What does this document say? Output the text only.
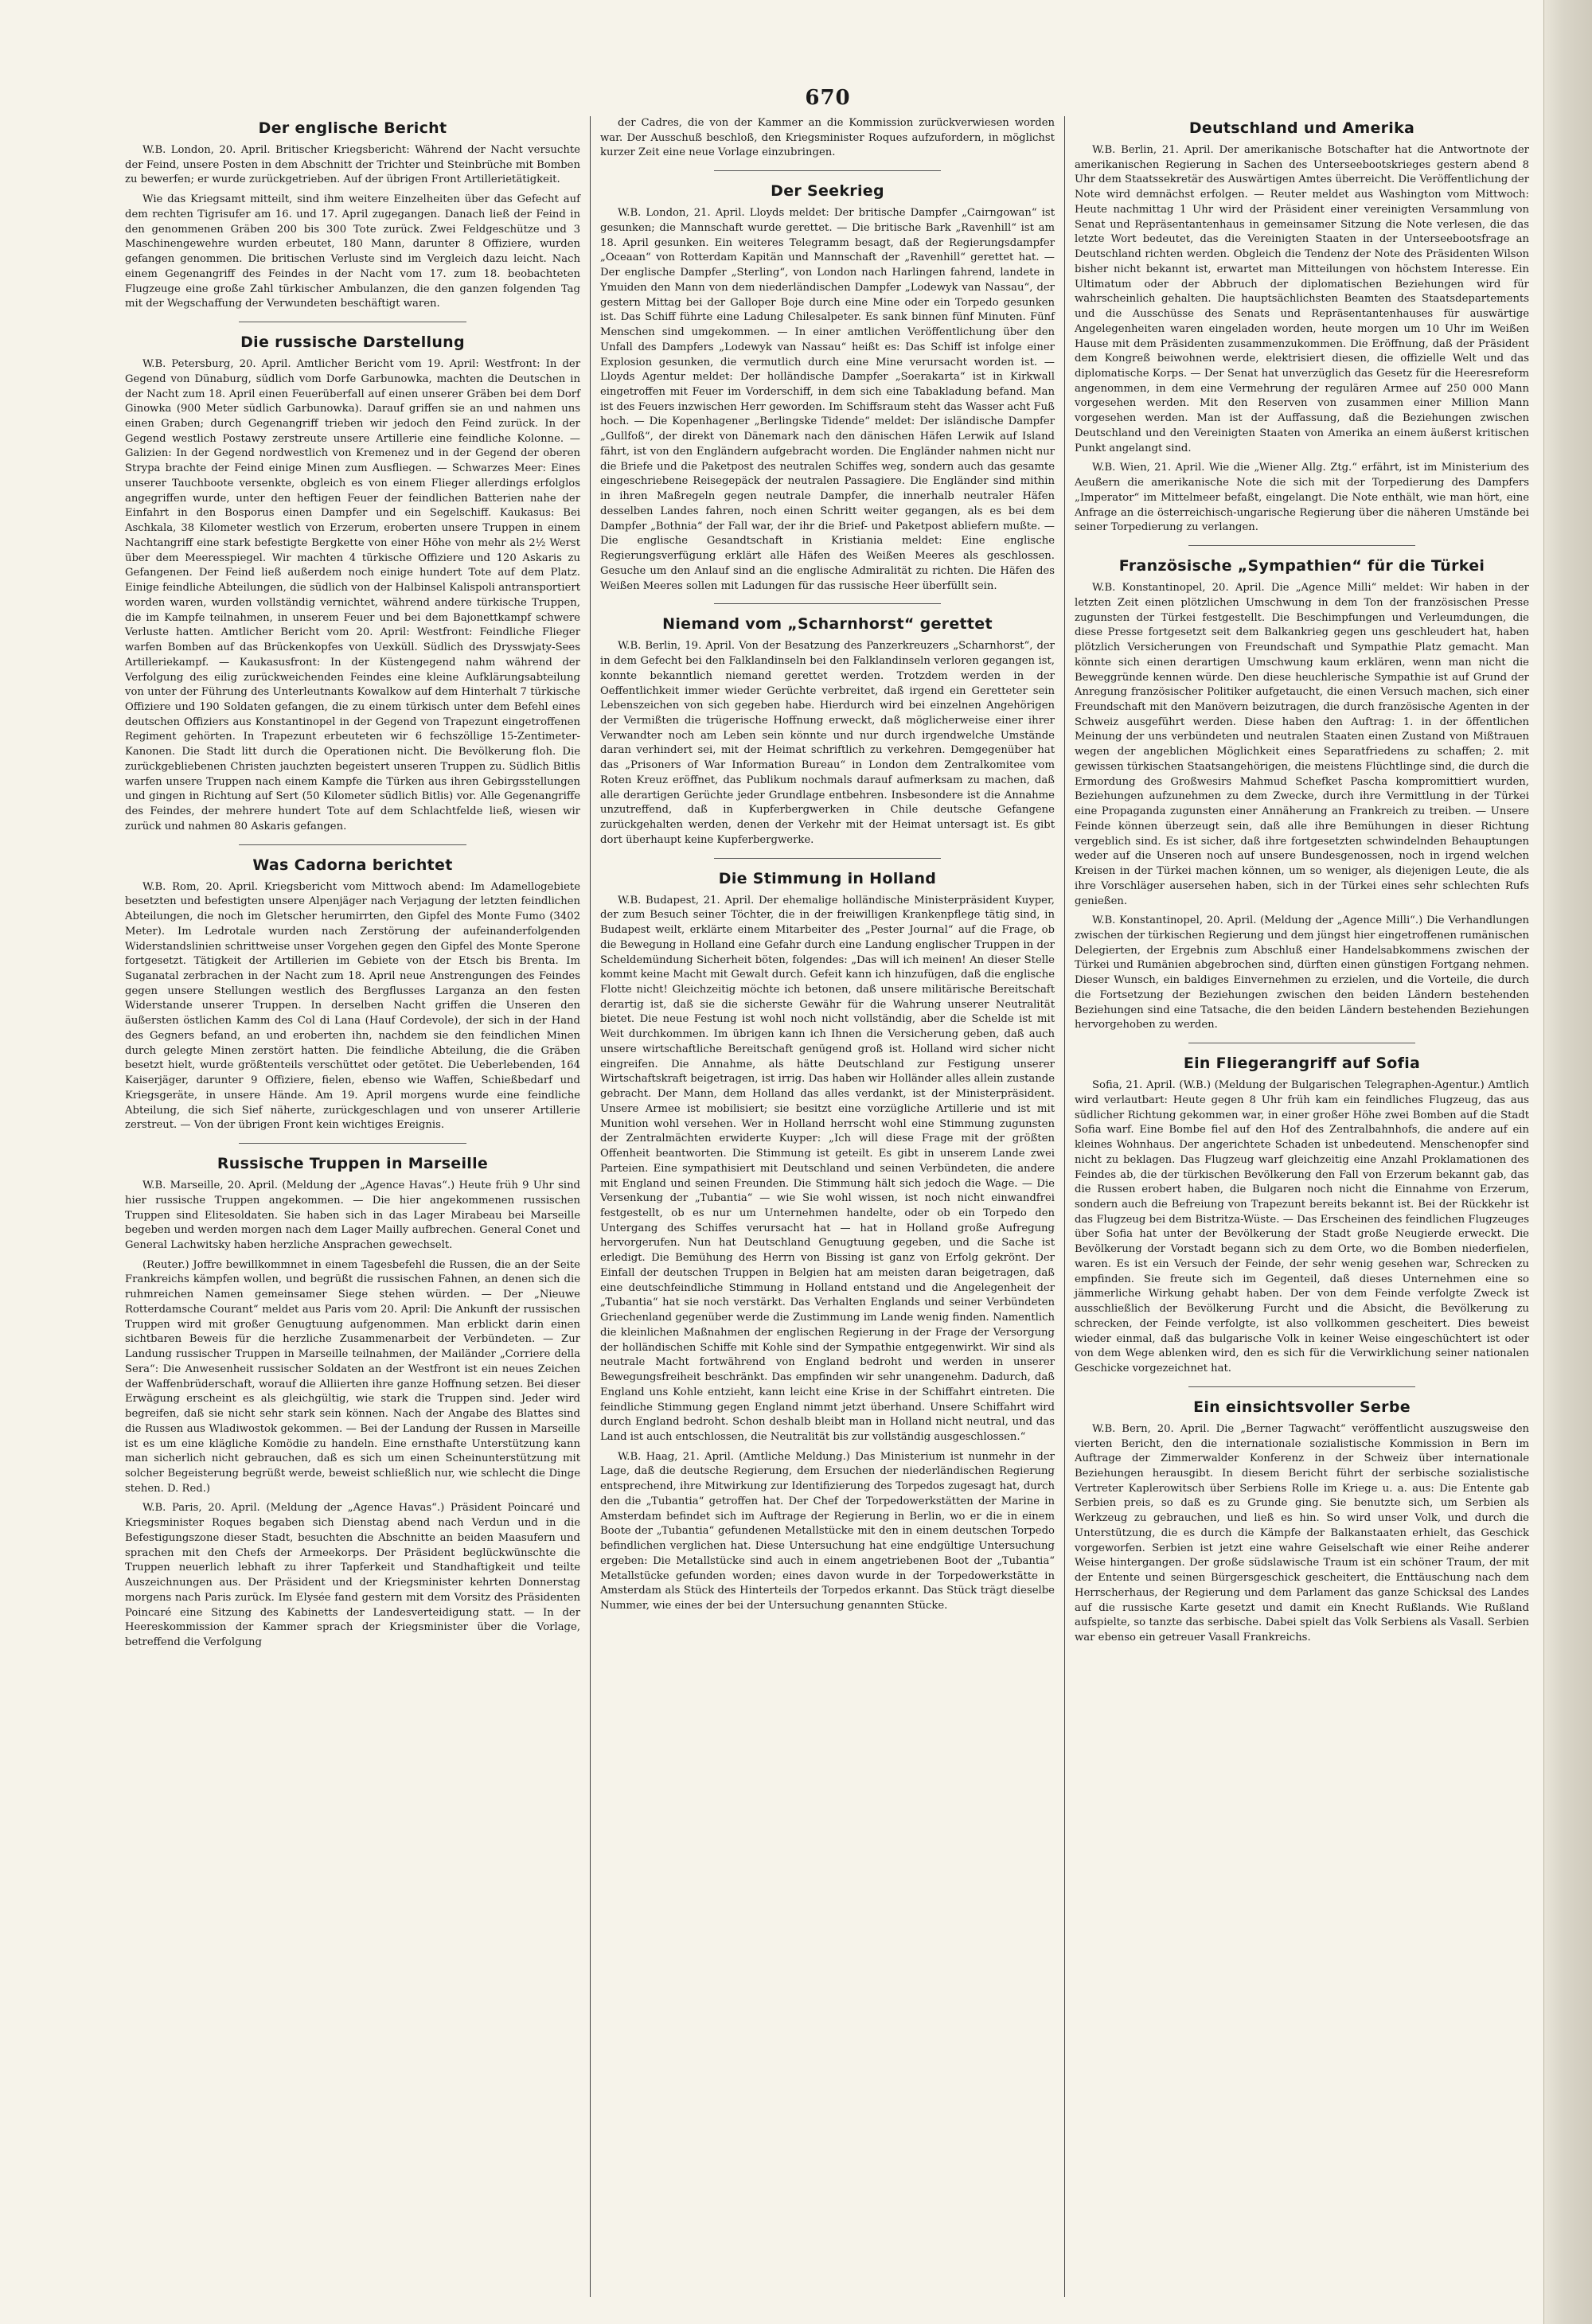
670
Der englische Bericht

W.B. London, 20. April. Britischer Kriegsbericht: Während der Nacht versuchte der Feind, unsere Posten in dem Abschnitt der Trichter und Steinbrüche mit Bomben zu bewerfen; er wurde zurückgetrieben. Auf der übrigen Front Artillerietätigkeit.

Wie das Kriegsamt mitteilt, sind ihm weitere Einzelheiten über das Gefecht auf dem rechten Tigrisufer am 16. und 17. April zugegangen. Danach ließ der Feind in den genommenen Gräben 200 bis 300 Tote zurück. Zwei Feldgeschütze und 3 Maschinengewehre wurden erbeutet, 180 Mann, darunter 8 Offiziere, wurden gefangen genommen. Die britischen Verluste sind im Vergleich dazu leicht. Nach einem Gegenangriff des Feindes in der Nacht vom 17. zum 18. beobachteten Flugzeuge eine große Zahl türkischer Ambulanzen, die den ganzen folgenden Tag mit der Wegschaffung der Verwundeten beschäftigt waren.

Die russische Darstellung

W.B. Petersburg, 20. April. Amtlicher Bericht vom 19. April: Westfront: In der Gegend von Dünaburg, südlich vom Dorfe Garbunowka, machten die Deutschen in der Nacht zum 18. April einen Feuerüberfall auf einen unserer Gräben bei dem Dorf Ginowka (900 Meter südlich Garbunowka). Darauf griffen sie an und nahmen uns einen Graben; durch Gegenangriff trieben wir jedoch den Feind zurück. In der Gegend westlich Postawy zerstreute unsere Artillerie eine feindliche Kolonne. — Galizien: In der Gegend nordwestlich von Kremenez und in der Gegend der oberen Strypa brachte der Feind einige Minen zum Ausfliegen. — Schwarzes Meer: Eines unserer Tauchboote versenkte, obgleich es von einem Flieger allerdings erfolglos angegriffen wurde, unter den heftigen Feuer der feindlichen Batterien nahe der Einfahrt in den Bosporus einen Dampfer und ein Segelschiff. Kaukasus: Bei Aschkala, 38 Kilometer westlich von Erzerum, eroberten unsere Truppen in einem Nachtangriff eine stark befestigte Bergkette von einer Höhe von mehr als 2½ Werst über dem Meeresspiegel. Wir machten 4 türkische Offiziere und 120 Askaris zu Gefangenen. Der Feind ließ außerdem noch einige hundert Tote auf dem Platz. Einige feindliche Abteilungen, die südlich von der Halbinsel Kalispoli antransportiert worden waren, wurden vollständig vernichtet, während andere türkische Truppen, die im Kampfe teilnahmen, in unserem Feuer und bei dem Bajonettkampf schwere Verluste hatten. Amtlicher Bericht vom 20. April: Westfront: Feindliche Flieger warfen Bomben auf das Brückenkopfes von Uexküll. Südlich des Drysswjaty-Sees Artilleriekampf. — Kaukasusfront: In der Küstengegend nahm während der Verfolgung des eilig zurückweichenden Feindes eine kleine Aufklärungsabteilung von unter der Führung des Unterleutnants Kowalkow auf dem Hinterhalt 7 türkische Offiziere und 190 Soldaten gefangen, die zu einem türkisch unter dem Befehl eines deutschen Offiziers aus Konstantinopel in der Gegend von Trapezunt eingetroffenen Regiment gehörten. In Trapezunt erbeuteten wir 6 fechszöllige 15-Zentimeter-Kanonen. Die Stadt litt durch die Operationen nicht. Die Bevölkerung floh. Die zurückgebliebenen Christen jauchzten begeistert unseren Truppen zu. Südlich Bitlis warfen unsere Truppen nach einem Kampfe die Türken aus ihren Gebirgsstellungen und gingen in Richtung auf Sert (50 Kilometer südlich Bitlis) vor. Alle Gegenangriffe des Feindes, der mehrere hundert Tote auf dem Schlachtfelde ließ, wiesen wir zurück und nahmen 80 Askaris gefangen.

Was Cadorna berichtet

W.B. Rom, 20. April. Kriegsbericht vom Mittwoch abend: Im Adamellogebiete besetzten und befestigten unsere Alpenjäger nach Verjagung der letzten feindlichen Abteilungen, die noch im Gletscher herumirrten, den Gipfel des Monte Fumo (3402 Meter). Im Ledrotale wurden nach Zerstörung der aufeinanderfolgenden Widerstandslinien schrittweise unser Vorgehen gegen den Gipfel des Monte Sperone fortgesetzt. Tätigkeit der Artillerien im Gebiete von der Etsch bis Brenta. Im Suganatal zerbrachen in der Nacht zum 18. April neue Anstrengungen des Feindes gegen unsere Stellungen westlich des Bergflusses Larganza an den festen Widerstande unserer Truppen. In derselben Nacht griffen die Unseren den äußersten östlichen Kamm des Col di Lana (Hauf Cordevole), der sich in der Hand des Gegners befand, an und eroberten ihn, nachdem sie den feindlichen Minen durch gelegte Minen zerstört hatten. Die feindliche Abteilung, die die Gräben besetzt hielt, wurde größtenteils verschüttet oder getötet. Die Ueberlebenden, 164 Kaiserjäger, darunter 9 Offiziere, fielen, ebenso wie Waffen, Schießbedarf und Kriegsgeräte, in unsere Hände. Am 19. April morgens wurde eine feindliche Abteilung, die sich Sief näherte, zurückgeschlagen und von unserer Artillerie zerstreut. — Von der übrigen Front kein wichtiges Ereignis.

Russische Truppen in Marseille

W.B. Marseille, 20. April. (Meldung der „Agence Havas“.) Heute früh 9 Uhr sind hier russische Truppen angekommen. — Die hier angekommenen russischen Truppen sind Elitesoldaten. Sie haben sich in das Lager Mirabeau bei Marseille begeben und werden morgen nach dem Lager Mailly aufbrechen. General Conet und General Lachwitsky haben herzliche Ansprachen gewechselt.

(Reuter.) Joffre bewillkommnet in einem Tagesbefehl die Russen, die an der Seite Frankreichs kämpfen wollen, und begrüßt die russischen Fahnen, an denen sich die ruhmreichen Namen gemeinsamer Siege stehen würden. — Der „Nieuwe Rotterdamsche Courant“ meldet aus Paris vom 20. April: Die Ankunft der russischen Truppen wird mit großer Genugtuung aufgenommen. Man erblickt darin einen sichtbaren Beweis für die herzliche Zusammenarbeit der Verbündeten. — Zur Landung russischer Truppen in Marseille teilnahmen, der Mailänder „Corriere della Sera“: Die Anwesenheit russischer Soldaten an der Westfront ist ein neues Zeichen der Waffenbrüderschaft, worauf die Alliierten ihre ganze Hoffnung setzen. Bei dieser Erwägung erscheint es als gleichgültig, wie stark die Truppen sind. Jeder wird begreifen, daß sie nicht sehr stark sein können. Nach der Angabe des Blattes sind die Russen aus Wladiwostok gekommen. — Bei der Landung der Russen in Marseille ist es um eine klägliche Komödie zu handeln. Eine ernsthafte Unterstützung kann man sicherlich nicht gebrauchen, daß es sich um einen Scheinunterstützung mit solcher Begeisterung begrüßt werde, beweist schließlich nur, wie schlecht die Dinge stehen. D. Red.)

W.B. Paris, 20. April. (Meldung der „Agence Havas“.) Präsident Poincaré und Kriegsminister Roques begaben sich Dienstag abend nach Verdun und in die Befestigungszone dieser Stadt, besuchten die Abschnitte an beiden Maasufern und sprachen mit den Chefs der Armeekorps. Der Präsident beglückwünschte die Truppen neuerlich lebhaft zu ihrer Tapferkeit und Standhaftigkeit und teilte Auszeichnungen aus. Der Präsident und der Kriegsminister kehrten Donnerstag morgens nach Paris zurück. Im Elysée fand gestern mit dem Vorsitz des Präsidenten Poincaré eine Sitzung des Kabinetts der Landesverteidigung statt. — In der Heereskommission der Kammer sprach der Kriegsminister über die Vorlage, betreffend die Verfolgung

der Cadres, die von der Kammer an die Kommission zurückverwiesen worden war. Der Ausschuß beschloß, den Kriegsminister Roques aufzufordern, in möglichst kurzer Zeit eine neue Vorlage einzubringen.

Der Seekrieg

W.B. London, 21. April. Lloyds meldet: Der britische Dampfer „Cairngowan“ ist gesunken; die Mannschaft wurde gerettet. — Die britische Bark „Ravenhill“ ist am 18. April gesunken. Ein weiteres Telegramm besagt, daß der Regierungsdampfer „Oceaan“ von Rotterdam Kapitän und Mannschaft der „Ravenhill“ gerettet hat. — Der englische Dampfer „Sterling“, von London nach Harlingen fahrend, landete in Ymuiden den Mann von dem niederländischen Dampfer „Lodewyk van Nassau“, der gestern Mittag bei der Galloper Boje durch eine Mine oder ein Torpedo gesunken ist. Das Schiff führte eine Ladung Chilesalpeter. Es sank binnen fünf Minuten. Fünf Menschen sind umgekommen. — In einer amtlichen Veröffentlichung über den Unfall des Dampfers „Lodewyk van Nassau“ heißt es: Das Schiff ist infolge einer Explosion gesunken, die vermutlich durch eine Mine verursacht worden ist. — Lloyds Agentur meldet: Der holländische Dampfer „Soerakarta“ ist in Kirkwall eingetroffen mit Feuer im Vorderschiff, in dem sich eine Tabakladung befand. Man ist des Feuers inzwischen Herr geworden. Im Schiffsraum steht das Wasser acht Fuß hoch. — Die Kopenhagener „Berlingske Tidende“ meldet: Der isländische Dampfer „Gullfoß“, der direkt von Dänemark nach den dänischen Häfen Lerwik auf Island fährt, ist von den Engländern aufgebracht worden. Die Engländer nahmen nicht nur die Briefe und die Paketpost des neutralen Schiffes weg, sondern auch das gesamte eingeschriebene Reisegepäck der neutralen Passagiere. Die Engländer sind mithin in ihren Maßregeln gegen neutrale Dampfer, die innerhalb neutraler Häfen desselben Landes fahren, noch einen Schritt weiter gegangen, als es bei dem Dampfer „Bothnia“ der Fall war, der ihr die Brief- und Paketpost abliefern mußte. — Die englische Gesandtschaft in Kristiania meldet: Eine englische Regierungsverfügung erklärt alle Häfen des Weißen Meeres als geschlossen. Gesuche um den Anlauf sind an die englische Admiralität zu richten. Die Häfen des Weißen Meeres sollen mit Ladungen für das russische Heer überfüllt sein.

Niemand vom „Scharnhorst“ gerettet

W.B. Berlin, 19. April. Von der Besatzung des Panzerkreuzers „Scharnhorst“, der in dem Gefecht bei den Falklandinseln bei den Falklandinseln verloren gegangen ist, konnte bekanntlich niemand gerettet werden. Trotzdem werden in der Oeffentlichkeit immer wieder Gerüchte verbreitet, daß irgend ein Geretteter sein Lebenszeichen von sich gegeben habe. Hierdurch wird bei einzelnen Angehörigen der Vermißten die trügerische Hoffnung erweckt, daß möglicherweise einer ihrer Verwandter noch am Leben sein könnte und nur durch irgendwelche Umstände daran verhindert sei, mit der Heimat schriftlich zu verkehren. Demgegenüber hat das „Prisoners of War Information Bureau“ in London dem Zentralkomitee vom Roten Kreuz eröffnet, das Publikum nochmals darauf aufmerksam zu machen, daß alle derartigen Gerüchte jeder Grundlage entbehren. Insbesondere ist die Annahme unzutreffend, daß in Kupferbergwerken in Chile deutsche Gefangene zurückgehalten werden, denen der Verkehr mit der Heimat untersagt ist. Es gibt dort überhaupt keine Kupferbergwerke.

Die Stimmung in Holland

W.B. Budapest, 21. April. Der ehemalige holländische Ministerpräsident Kuyper, der zum Besuch seiner Töchter, die in der freiwilligen Krankenpflege tätig sind, in Budapest weilt, erklärte einem Mitarbeiter des „Pester Journal“ auf die Frage, ob die Bewegung in Holland eine Gefahr durch eine Landung englischer Truppen in der Scheldemündung Sicherheit böten, folgendes: „Das will ich meinen! An dieser Stelle kommt keine Macht mit Gewalt durch. Gefeit kann ich hinzufügen, daß die englische Flotte nicht! Gleichzeitig möchte ich betonen, daß unsere militärische Bereitschaft derartig ist, daß sie die sicherste Gewähr für die Wahrung unserer Neutralität bietet. Die neue Festung ist wohl noch nicht vollständig, aber die Schelde ist mit Weit durchkommen. Im übrigen kann ich Ihnen die Versicherung geben, daß auch unsere wirtschaftliche Bereitschaft genügend groß ist. Holland wird sicher nicht eingreifen. Die Annahme, als hätte Deutschland zur Festigung unserer Wirtschaftskraft beigetragen, ist irrig. Das haben wir Holländer alles allein zustande gebracht. Der Mann, dem Holland das alles verdankt, ist der Ministerpräsident. Unsere Armee ist mobilisiert; sie besitzt eine vorzügliche Artillerie und ist mit Munition wohl versehen. Wer in Holland herrscht wohl eine Stimmung zugunsten der Zentralmächten erwiderte Kuyper: „Ich will diese Frage mit der größten Offenheit beantworten. Die Stimmung ist geteilt. Es gibt in unserem Lande zwei Parteien. Eine sympathisiert mit Deutschland und seinen Verbündeten, die andere mit England und seinen Freunden. Die Stimmung hält sich jedoch die Wage. — Die Versenkung der „Tubantia“ — wie Sie wohl wissen, ist noch nicht einwandfrei festgestellt, ob es nur um Unternehmen handelte, oder ob ein Torpedo den Untergang des Schiffes verursacht hat — hat in Holland große Aufregung hervorgerufen. Nun hat Deutschland Genugtuung gegeben, und die Sache ist erledigt. Die Bemühung des Herrn von Bissing ist ganz von Erfolg gekrönt. Der Einfall der deutschen Truppen in Belgien hat am meisten daran beigetragen, daß eine deutschfeindliche Stimmung in Holland entstand und die Angelegenheit der „Tubantia“ hat sie noch verstärkt. Das Verhalten Englands und seiner Verbündeten Griechenland gegenüber werde die Zustimmung im Lande wenig finden. Namentlich die kleinlichen Maßnahmen der englischen Regierung in der Frage der Versorgung der holländischen Schiffe mit Kohle sind der Sympathie entgegenwirkt. Wir sind als neutrale Macht fortwährend von England bedroht und werden in unserer Bewegungsfreiheit beschränkt. Das empfinden wir sehr unangenehm. Dadurch, daß England uns Kohle entzieht, kann leicht eine Krise in der Schiffahrt eintreten. Die feindliche Stimmung gegen England nimmt jetzt überhand. Unsere Schiffahrt wird durch England bedroht. Schon deshalb bleibt man in Holland nicht neutral, und das Land ist auch entschlossen, die Neutralität bis zur vollständig ausgeschlossen.“

W.B. Haag, 21. April. (Amtliche Meldung.) Das Ministerium ist nunmehr in der Lage, daß die deutsche Regierung, dem Ersuchen der niederländischen Regierung entsprechend, ihre Mitwirkung zur Identifizierung des Torpedos zugesagt hat, durch den die „Tubantia“ getroffen hat. Der Chef der Torpedowerkstätten der Marine in Amsterdam befindet sich im Auftrage der Regierung in Berlin, wo er die in einem Boote der „Tubantia“ gefundenen Metallstücke mit den in einem deutschen Torpedo befindlichen verglichen hat. Diese Untersuchung hat eine endgültige Untersuchung ergeben: Die Metallstücke sind auch in einem angetriebenen Boot der „Tubantia“ Metallstücke gefunden worden; eines davon wurde in der Torpedowerkstätte in Amsterdam als Stück des Hinterteils der Torpedos erkannt. Das Stück trägt dieselbe Nummer, wie eines der bei der Untersuchung genannten Stücke.

Deutschland und Amerika

W.B. Berlin, 21. April. Der amerikanische Botschafter hat die Antwortnote der amerikanischen Regierung in Sachen des Unterseebootskrieges gestern abend 8 Uhr dem Staatssekretär des Auswärtigen Amtes überreicht. Die Veröffentlichung der Note wird demnächst erfolgen. — Reuter meldet aus Washington vom Mittwoch: Heute nachmittag 1 Uhr wird der Präsident einer vereinigten Versammlung von Senat und Repräsentantenhaus in gemeinsamer Sitzung die Note verlesen, die das letzte Wort bedeutet, das die Vereinigten Staaten in der Unterseebootsfrage an Deutschland richten werden. Obgleich die Tendenz der Note des Präsidenten Wilson bisher nicht bekannt ist, erwartet man Mitteilungen von höchstem Interesse. Ein Ultimatum oder der Abbruch der diplomatischen Beziehungen wird für wahrscheinlich gehalten. Die hauptsächlichsten Beamten des Staatsdepartements und die Ausschüsse des Senats und Repräsentantenhauses für auswärtige Angelegenheiten waren eingeladen worden, heute morgen um 10 Uhr im Weißen Hause mit dem Präsidenten zusammenzukommen. Die Eröffnung, daß der Präsident dem Kongreß beiwohnen werde, elektrisiert diesen, die offizielle Welt und das diplomatische Korps. — Der Senat hat unverzüglich das Gesetz für die Heeresreform angenommen, in dem eine Vermehrung der regulären Armee auf 250 000 Mann vorgesehen werden. Mit den Reserven von zusammen einer Million Mann vorgesehen werden. Man ist der Auffassung, daß die Beziehungen zwischen Deutschland und den Vereinigten Staaten von Amerika an einem äußerst kritischen Punkt angelangt sind.

W.B. Wien, 21. April. Wie die „Wiener Allg. Ztg.“ erfährt, ist im Ministerium des Aeußern die amerikanische Note die sich mit der Torpedierung des Dampfers „Imperator“ im Mittelmeer befaßt, eingelangt. Die Note enthält, wie man hört, eine Anfrage an die österreichisch-ungarische Regierung über die näheren Umstände bei seiner Torpedierung zu verlangen.

Französische „Sympathien“ für die Türkei

W.B. Konstantinopel, 20. April. Die „Agence Milli“ meldet: Wir haben in der letzten Zeit einen plötzlichen Umschwung in dem Ton der französischen Presse zugunsten der Türkei festgestellt. Die Beschimpfungen und Verleumdungen, die diese Presse fortgesetzt seit dem Balkankrieg gegen uns geschleudert hat, haben plötzlich Versicherungen von Freundschaft und Sympathie Platz gemacht. Man könnte sich einen derartigen Umschwung kaum erklären, wenn man nicht die Beweggründe kennen würde. Den diese heuchlerische Sympathie ist auf Grund der Anregung französischer Politiker aufgetaucht, die einen Versuch machen, sich einer Freundschaft mit den Manövern beizutragen, die durch französische Agenten in der Schweiz ausgeführt werden. Diese haben den Auftrag: 1. in der öffentlichen Meinung der uns verbündeten und neutralen Staaten einen Zustand von Mißtrauen wegen der angeblichen Möglichkeit eines Separatfriedens zu schaffen; 2. mit gewissen türkischen Staatsangehörigen, die meistens Flüchtlinge sind, die durch die Ermordung des Großwesirs Mahmud Schefket Pascha kompromittiert wurden, Beziehungen aufzunehmen zu dem Zwecke, durch ihre Vermittlung in der Türkei eine Propaganda zugunsten einer Annäherung an Frankreich zu treiben. — Unsere Feinde können überzeugt sein, daß alle ihre Bemühungen in dieser Richtung vergeblich sind. Es ist sicher, daß ihre fortgesetzten schwindelnden Behauptungen weder auf die Unseren noch auf unsere Bundesgenossen, noch in irgend welchen Kreisen in der Türkei machen können, um so weniger, als diejenigen Leute, die als ihre Vorschläger ausersehen haben, sich in der Türkei eines sehr schlechten Rufs genießen.

W.B. Konstantinopel, 20. April. (Meldung der „Agence Milli“.) Die Verhandlungen zwischen der türkischen Regierung und dem jüngst hier eingetroffenen rumänischen Delegierten, der Ergebnis zum Abschluß einer Handelsabkommens zwischen der Türkei und Rumänien abgebrochen sind, dürften einen günstigen Fortgang nehmen. Dieser Wunsch, ein baldiges Einvernehmen zu erzielen, und die Vorteile, die durch die Fortsetzung der Beziehungen zwischen den beiden Ländern bestehenden Beziehungen sind eine Tatsache, die den beiden Ländern bestehenden Beziehungen hervorgehoben zu werden.

Ein Fliegerangriff auf Sofia

Sofia, 21. April. (W.B.) (Meldung der Bulgarischen Telegraphen-Agentur.) Amtlich wird verlautbart: Heute gegen 8 Uhr früh kam ein feindliches Flugzeug, das aus südlicher Richtung gekommen war, in einer großer Höhe zwei Bomben auf die Stadt Sofia warf. Eine Bombe fiel auf den Hof des Zentralbahnhofs, die andere auf ein kleines Wohnhaus. Der angerichtete Schaden ist unbedeutend. Menschenopfer sind nicht zu beklagen. Das Flugzeug warf gleichzeitig eine Anzahl Proklamationen des Feindes ab, die der türkischen Bevölkerung den Fall von Erzerum bekannt gab, das die Russen erobert haben, die Bulgaren noch nicht die Einnahme von Erzerum, sondern auch die Befreiung von Trapezunt bereits bekannt ist. Bei der Rückkehr ist das Flugzeug bei dem Bistritza-Wüste. — Das Erscheinen des feindlichen Flugzeuges über Sofia hat unter der Bevölkerung der Stadt große Neugierde erweckt. Die Bevölkerung der Vorstadt begann sich zu dem Orte, wo die Bomben niederfielen, waren. Es ist ein Versuch der Feinde, der sehr wenig gesehen war, Schrecken zu empfinden. Sie freute sich im Gegenteil, daß dieses Unternehmen eine so jämmerliche Wirkung gehabt haben. Der von dem Feinde verfolgte Zweck ist ausschließlich der Bevölkerung Furcht und die Absicht, die Bevölkerung zu schrecken, der Feinde verfolgte, ist also vollkommen gescheitert. Dies beweist wieder einmal, daß das bulgarische Volk in keiner Weise eingeschüchtert ist oder von dem Wege ablenken wird, den es sich für die Verwirklichung seiner nationalen Geschicke vorgezeichnet hat.

Ein einsichtsvoller Serbe

W.B. Bern, 20. April. Die „Berner Tagwacht“ veröffentlicht auszugsweise den vierten Bericht, den die internationale sozialistische Kommission in Bern im Auftrage der Zimmerwalder Konferenz in der Schweiz über internationale Beziehungen herausgibt. In diesem Bericht führt der serbische sozialistische Vertreter Kaplerowitsch über Serbiens Rolle im Kriege u. a. aus: Die Entente gab Serbien preis, so daß es zu Grunde ging. Sie benutzte sich, um Serbien als Werkzeug zu gebrauchen, und ließ es hin. So wird unser Volk, und durch die Unterstützung, die es durch die Kämpfe der Balkanstaaten erhielt, das Geschick vorgeworfen. Serbien ist jetzt eine wahre Geiselschaft wie einer Reihe anderer Weise hintergangen. Der große südslawische Traum ist ein schöner Traum, der mit der Entente und seinen Bürgersgeschick gescheitert, die Enttäuschung nach dem Herrscherhaus, der Regierung und dem Parlament das ganze Schicksal des Landes auf die russische Karte gesetzt und damit ein Knecht Rußlands. Wie Rußland aufspielte, so tanzte das serbische. Dabei spielt das Volk Serbiens als Vasall. Serbien war ebenso ein getreuer Vasall Frankreichs.
